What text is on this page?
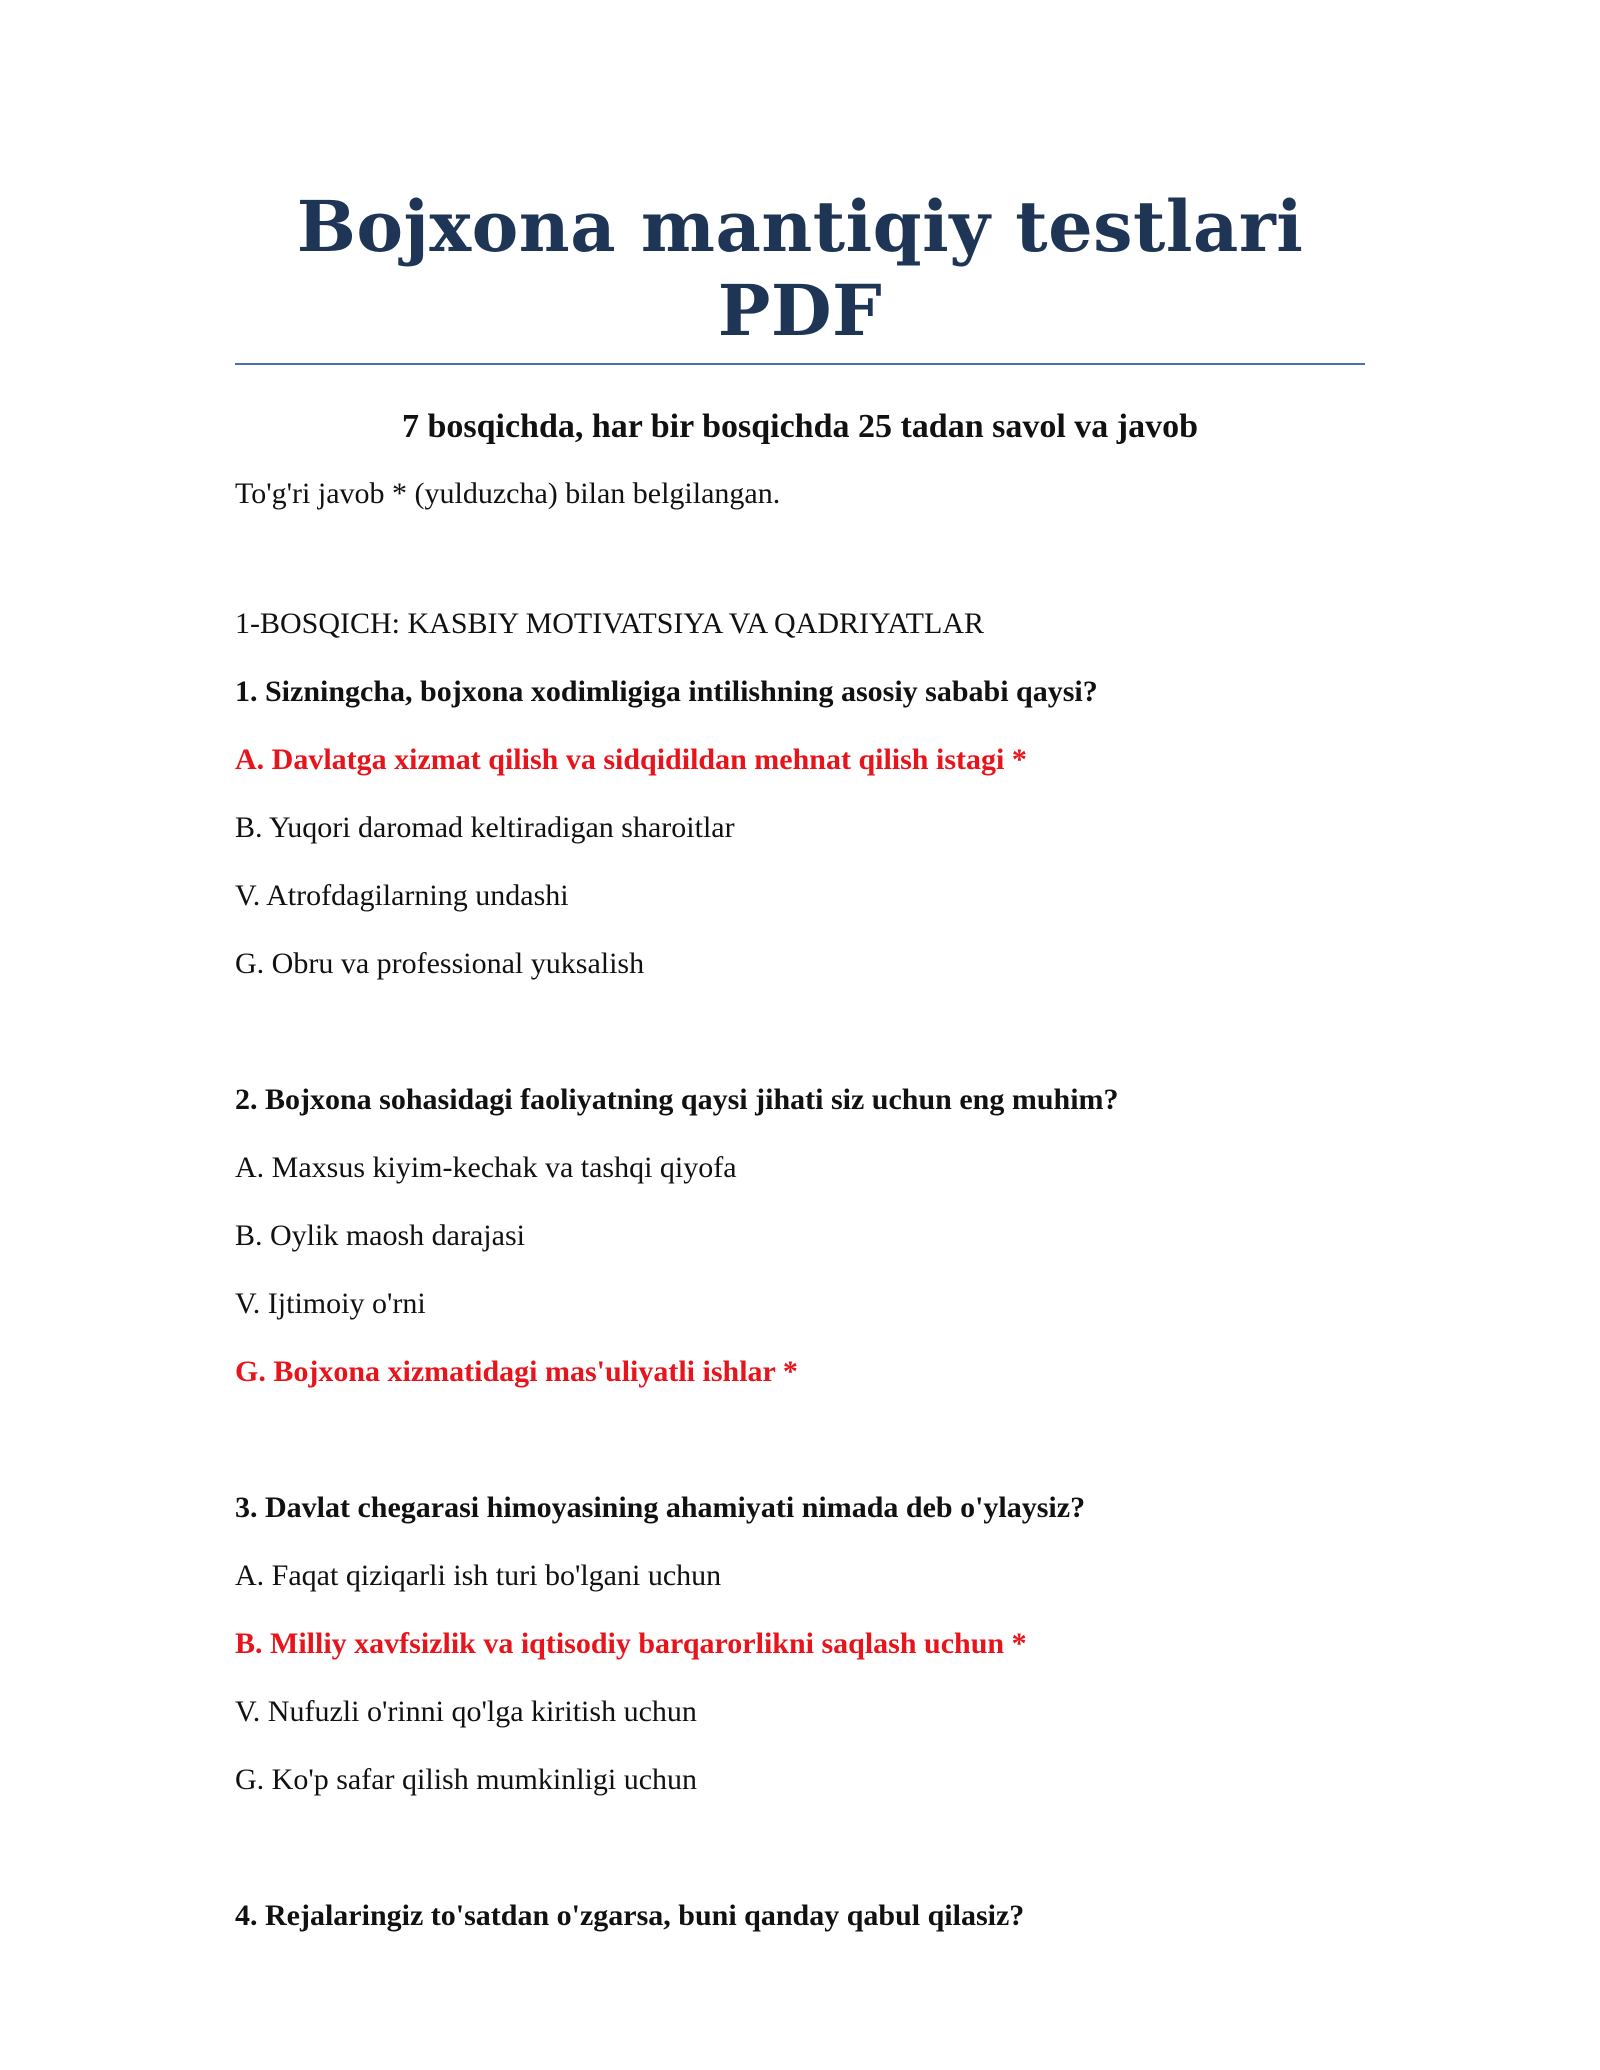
Bojxona mantiqiy testlari PDF

7 bosqichda, har bir bosqichda 25 tadan savol va javob

To'g'ri javob * (yulduzcha) bilan belgilangan.

1-BOSQICH: KASBIY MOTIVATSIYA VA QADRIYATLAR

1. Sizningcha, bojxona xodimligiga intilishning asosiy sababi qaysi?

A. Davlatga xizmat qilish va sidqidildan mehnat qilish istagi *

B. Yuqori daromad keltiradigan sharoitlar

V. Atrofdagilarning undashi

G. Obru va professional yuksalish

2. Bojxona sohasidagi faoliyatning qaysi jihati siz uchun eng muhim?

A. Maxsus kiyim-kechak va tashqi qiyofa

B. Oylik maosh darajasi

V. Ijtimoiy o'rni

G. Bojxona xizmatidagi mas'uliyatli ishlar *

3. Davlat chegarasi himoyasining ahamiyati nimada deb o'ylaysiz?

A. Faqat qiziqarli ish turi bo'lgani uchun

B. Milliy xavfsizlik va iqtisodiy barqarorlikni saqlash uchun *

V. Nufuzli o'rinni qo'lga kiritish uchun

G. Ko'p safar qilish mumkinligi uchun

4. Rejalaringiz to'satdan o'zgarsa, buni qanday qabul qilasiz?
